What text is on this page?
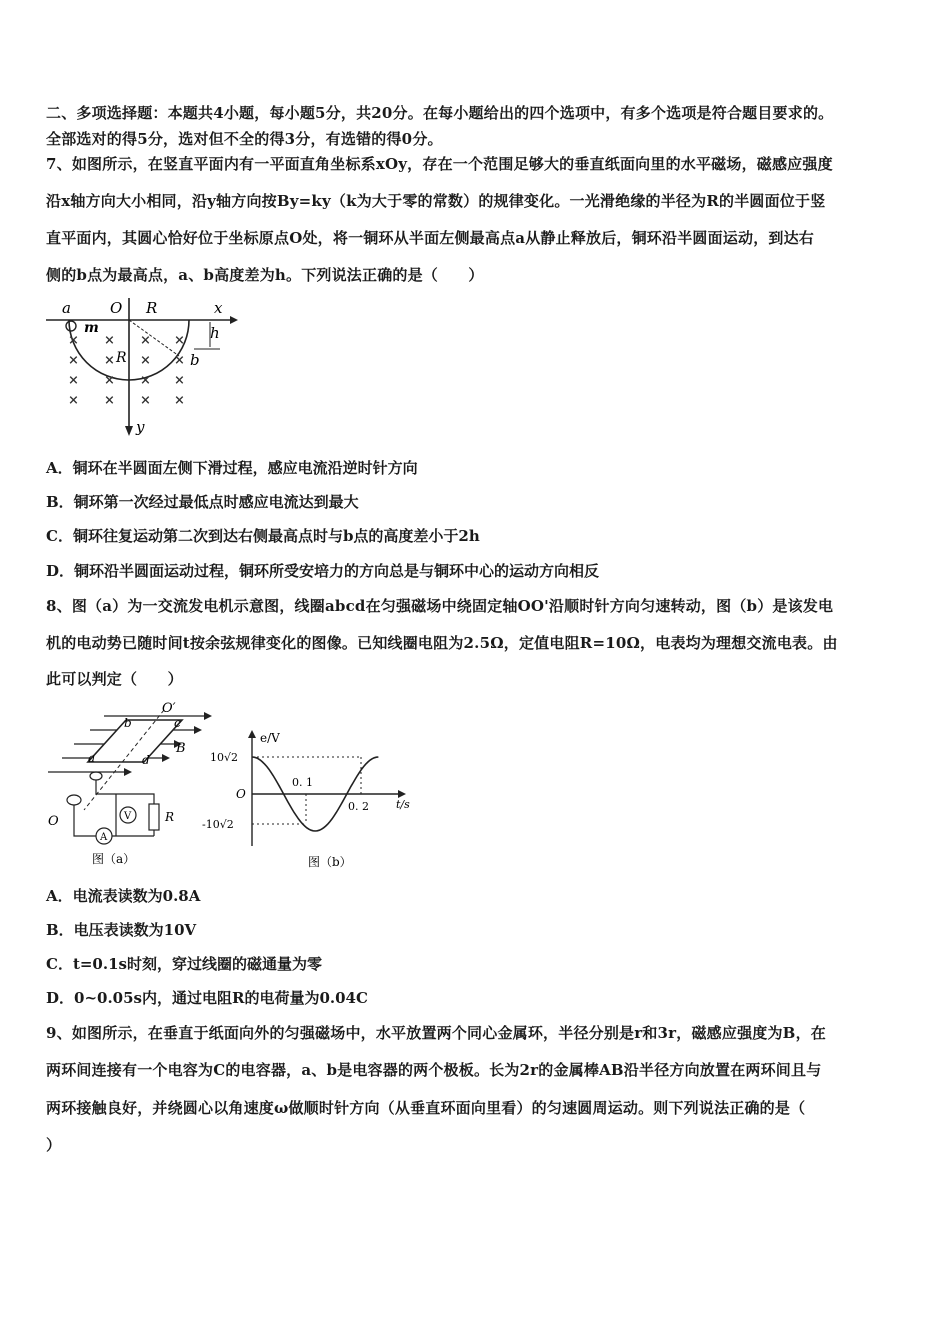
二、多项选择题：本题共4小题，每小题5分，共20分。在每小题给出的四个选项中，有多个选项是符合题目要求的。
全部选对的得5分，选对但不全的得3分，有选错的得0分。
7、如图所示，在竖直平面内有一平面直角坐标系xOy，存在一个范围足够大的垂直纸面向里的水平磁场，磁感应强度
沿x轴方向大小相同，沿y轴方向按By=ky（k为大于零的常数）的规律变化。一光滑绝缘的半径为R的半圆面位于竖
直平面内，其圆心恰好位于坐标原点O处，将一铜环从半面左侧最高点a从静止释放后，铜环沿半圆面运动，到达右
侧的b点为最高点，a、b高度差为h。下列说法正确的是（　　）
× × × ×
× × × ×
× × × ×
× × × ×
a	O R	x
m	h
R	b
y
A．铜环在半圆面左侧下滑过程，感应电流沿逆时针方向
B．铜环第一次经过最低点时感应电流达到最大
C．铜环往复运动第二次到达右侧最高点时与b点的高度差小于2h
D．铜环沿半圆面运动过程，铜环所受安培力的方向总是与铜环中心的运动方向相反
8、图（a）为一交流发电机示意图，线圈abcd在匀强磁场中绕固定轴OO'沿顺时针方向匀速转动，图（b）是该发电
机的电动势已随时间t按余弦规律变化的图像。已知线圈电阻为2.5Ω，定值电阻R=10Ω，电表均为理想交流电表。由
此可以判定（　　）
O′
b	c
B
a	d
O	V	R
A
图（a）
e/V
10√2
O
0. 1
0. 2 t/s
-10√2
图（b）
A．电流表读数为0.8A
B．电压表读数为10V
C．t=0.1s时刻，穿过线圈的磁通量为零
D．0~0.05s内，通过电阻R的电荷量为0.04C
9、如图所示，在垂直于纸面向外的匀强磁场中，水平放置两个同心金属环，半径分别是r和3r，磁感应强度为B，在
两环间连接有一个电容为C的电容器，a、b是电容器的两个极板。长为2r的金属棒AB沿半径方向放置在两环间且与
两环接触良好，并绕圆心以角速度ω做顺时针方向（从垂直环面向里看）的匀速圆周运动。则下列说法正确的是（
）
